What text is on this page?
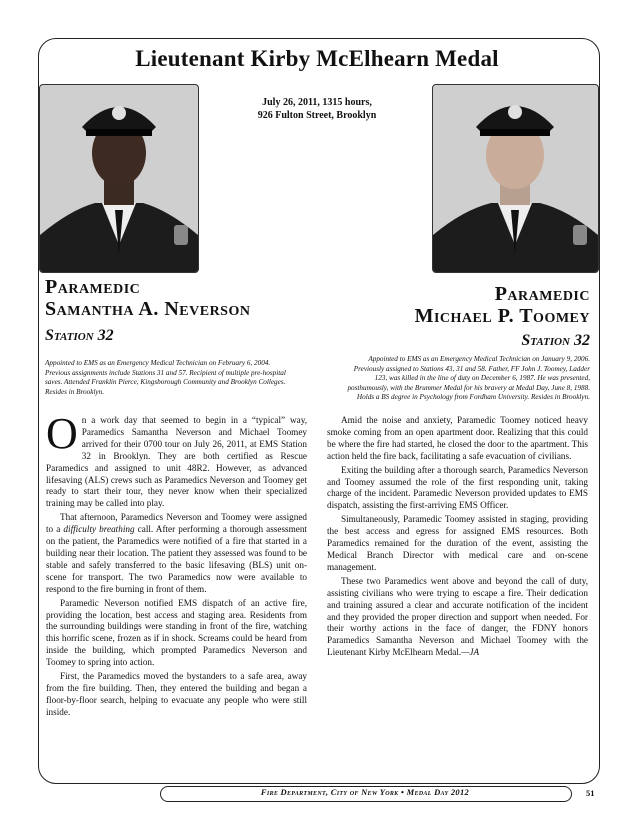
Lieutenant Kirby McElhearn Medal
July 26, 2011, 1315 hours,
926 Fulton Street, Brooklyn
Paramedic
Samantha A. Neverson
Station 32
Appointed to EMS as an Emergency Medical Technician on February 6, 2004. Previous assignments include Stations 31 and 57. Recipient of multiple pre-hospital saves. Attended Franklin Pierce, Kingsborough Community and Brooklyn Colleges. Resides in Brooklyn.
Paramedic
Michael P. Toomey
Station 32
Appointed to EMS as an Emergency Medical Technician on January 9, 2006. Previously assigned to Stations 43, 31 and 58. Father, FF John J. Toomey, Ladder 123, was killed in the line of duty on December 6, 1987. He was presented, posthumously, with the Brummer Medal for his bravery at Medal Day, June 8, 1988. Holds a BS degree in Psychology from Fordham University. Resides in Brooklyn.

On a work day that seemed to begin in a “typical” way, Paramedics Samantha Neverson and Michael Toomey arrived for their 0700 tour on July 26, 2011, at EMS Station 32 in Brooklyn. They are both certified as Rescue Paramedics and assigned to unit 48R2. However, as advanced lifesaving (ALS) crews such as Paramedics Neverson and Toomey get ready to start their tour, they never know when their specialized training may be called into play.

That afternoon, Paramedics Neverson and Toomey were assigned to a difficulty breathing call. After performing a thorough assessment on the patient, the Paramedics were notified of a fire that started in a building near their location. The patient they assessed was found to be stable and safely transferred to the basic lifesaving (BLS) unit on-scene for transport. The two Paramedics now were available to respond to the fire burning in front of them.

Paramedic Neverson notified EMS dispatch of an active fire, providing the location, best access and staging area. Residents from the surrounding buildings were standing in front of the fire, watching this horrific scene, frozen as if in shock. Screams could be heard from inside the building, which prompted Paramedics Neverson and Toomey to spring into action.

First, the Paramedics moved the bystanders to a safe area, away from the fire building. Then, they entered the building and began a floor-by-floor search, helping to evacuate any people who were still inside.

Amid the noise and anxiety, Paramedic Toomey noticed heavy smoke coming from an open apartment door. Realizing that this could be where the fire had started, he closed the door to the apartment. This action held the fire back, facilitating a safe evacuation of civilians.

Exiting the building after a thorough search, Paramedics Neverson and Toomey assumed the role of the first responding unit, taking charge of the incident. Paramedic Neverson provided updates to EMS dispatch, assisting the first-arriving EMS Officer.

Simultaneously, Paramedic Toomey assisted in staging, providing the best access and egress for assigned EMS resources. Both Paramedics remained for the duration of the event, assisting the Medical Branch Director with medical care and on-scene management.

These two Paramedics went above and beyond the call of duty, assisting civilians who were trying to escape a fire. Their dedication and training assured a clear and accurate notification of the incident and they provided the proper direction and support when needed. For their worthy actions in the face of danger, the FDNY honors Paramedics Samantha Neverson and Michael Toomey with the Lieutenant Kirby McElhearn Medal.—JA

Fire Department, City of New York • Medal Day 2012	51
